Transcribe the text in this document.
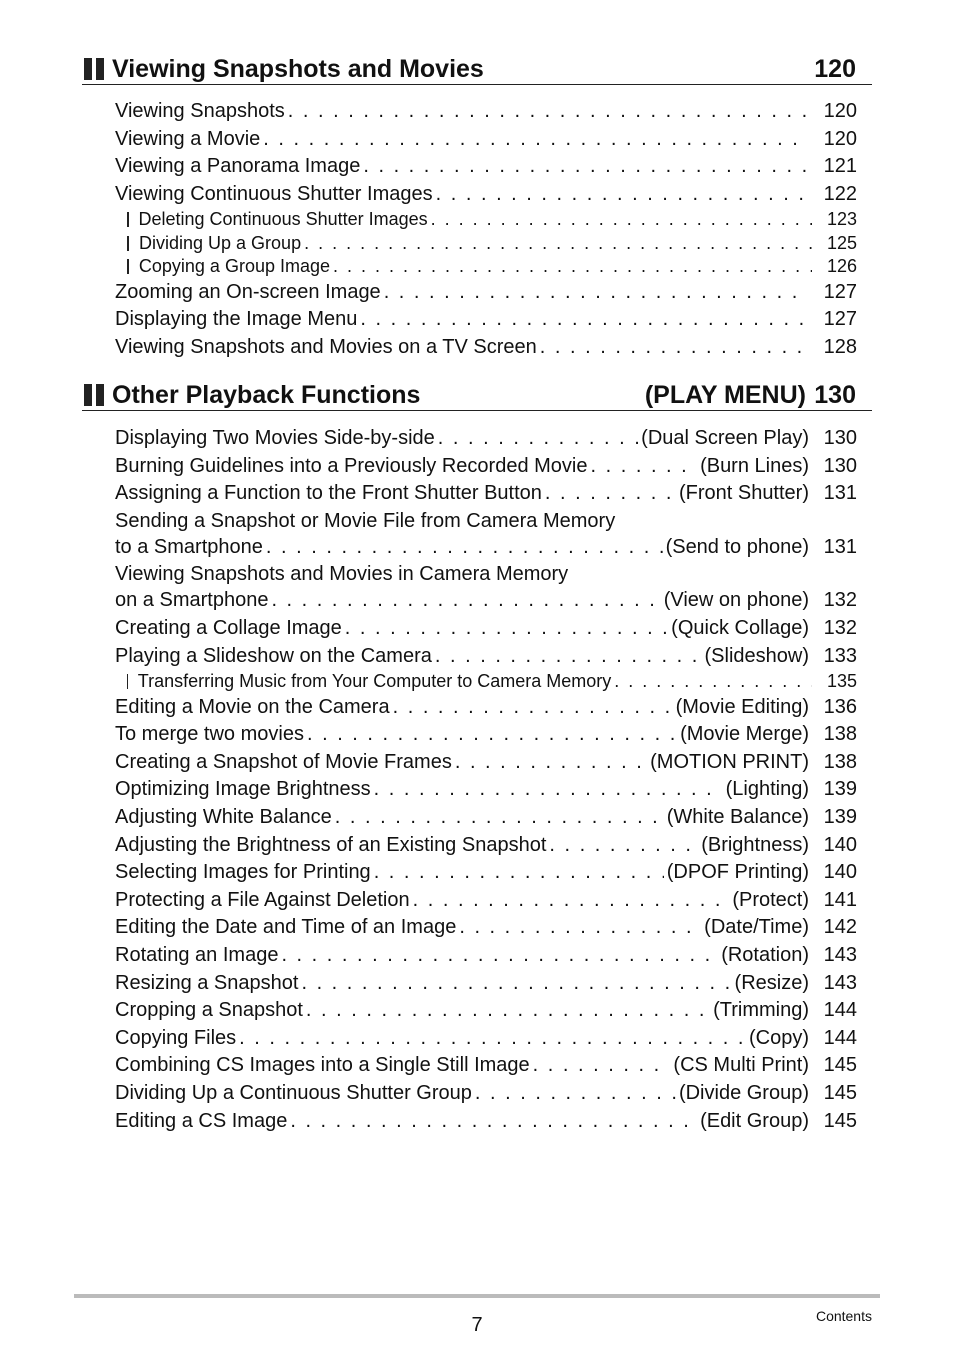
Viewing Snapshots and Movies	120
Viewing Snapshots . . .	120
Viewing a Movie . . .	120
Viewing a Panorama Image . . .	121
Viewing Continuous Shutter Images . . .	122
Deleting Continuous Shutter Images . . .	123
Dividing Up a Group . . .	125
Copying a Group Image . . .	126
Zooming an On-screen Image . . .	127
Displaying the Image Menu . . .	127
Viewing Snapshots and Movies on a TV Screen . . .	128
Other Playback Functions	(PLAY MENU) 130
Displaying Two Movies Side-by-side . . .	(Dual Screen Play) 130
Burning Guidelines into a Previously Recorded Movie . . .	(Burn Lines) 130
Assigning a Function to the Front Shutter Button . . .	(Front Shutter) 131
Sending a Snapshot or Movie File from Camera Memory
to a Smartphone . . .	(Send to phone) 131
Viewing Snapshots and Movies in Camera Memory
on a Smartphone . . .	(View on phone) 132
Creating a Collage Image . . .	(Quick Collage) 132
Playing a Slideshow on the Camera . . .	(Slideshow) 133
Transferring Music from Your Computer to Camera Memory . . .	135
Editing a Movie on the Camera . . .	(Movie Editing) 136
To merge two movies . . .	(Movie Merge) 138
Creating a Snapshot of Movie Frames . . .	(MOTION PRINT) 138
Optimizing Image Brightness . . .	(Lighting) 139
Adjusting White Balance . . .	(White Balance) 139
Adjusting the Brightness of an Existing Snapshot . . .	(Brightness) 140
Selecting Images for Printing . . .	(DPOF Printing) 140
Protecting a File Against Deletion . . .	(Protect) 141
Editing the Date and Time of an Image . . .	(Date/Time) 142
Rotating an Image . . .	(Rotation) 143
Resizing a Snapshot . . .	(Resize) 143
Cropping a Snapshot . . .	(Trimming) 144
Copying Files . . .	(Copy) 144
Combining CS Images into a Single Still Image . . .	(CS Multi Print) 145
Dividing Up a Continuous Shutter Group . . .	(Divide Group) 145
Editing a CS Image . . .	(Edit Group) 145
7	Contents
